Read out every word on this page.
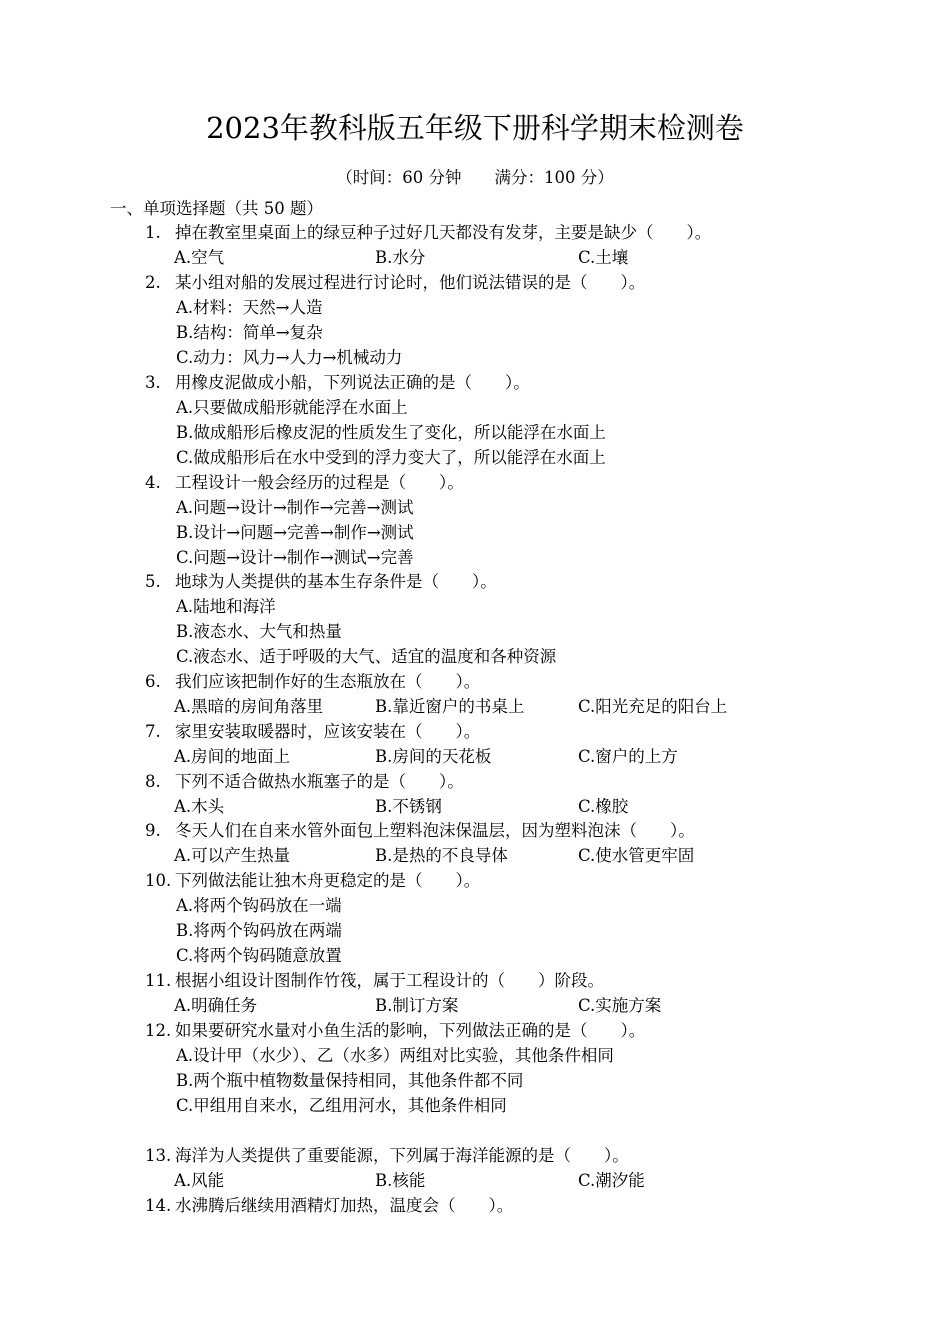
2023年教科版五年级下册科学期末检测卷
（时间：60 分钟　　满分：100 分）
一、单项选择题（共 50 题）
1. 掉在教室里桌面上的绿豆种子过好几天都没有发芽，主要是缺少（　　）。
A.空气	B.水分	C.土壤
2. 某小组对船的发展过程进行讨论时，他们说法错误的是（　　）。
A.材料：天然→人造
B.结构：简单→复杂
C.动力：风力→人力→机械动力
3. 用橡皮泥做成小船，下列说法正确的是（　　）。
A.只要做成船形就能浮在水面上
B.做成船形后橡皮泥的性质发生了变化，所以能浮在水面上
C.做成船形后在水中受到的浮力变大了，所以能浮在水面上
4. 工程设计一般会经历的过程是（　　）。
A.问题→设计→制作→完善→测试
B.设计→问题→完善→制作→测试
C.问题→设计→制作→测试→完善
5. 地球为人类提供的基本生存条件是（　　）。
A.陆地和海洋
B.液态水、大气和热量
C.液态水、适于呼吸的大气、适宜的温度和各种资源
6. 我们应该把制作好的生态瓶放在（　　）。
A.黑暗的房间角落里	B.靠近窗户的书桌上	C.阳光充足的阳台上
7. 家里安装取暖器时，应该安装在（　　）。
A.房间的地面上	B.房间的天花板	C.窗户的上方
8. 下列不适合做热水瓶塞子的是（　　）。
A.木头	B.不锈钢	C.橡胶
9. 冬天人们在自来水管外面包上塑料泡沫保温层，因为塑料泡沫（　　）。
A.可以产生热量	B.是热的不良导体	C.使水管更牢固
10. 下列做法能让独木舟更稳定的是（　　）。
A.将两个钩码放在一端
B.将两个钩码放在两端
C.将两个钩码随意放置
11. 根据小组设计图制作竹筏，属于工程设计的（　　）阶段。
A.明确任务	B.制订方案	C.实施方案
12. 如果要研究水量对小鱼生活的影响，下列做法正确的是（　　）。
A.设计甲（水少）、乙（水多）两组对比实验，其他条件相同
B.两个瓶中植物数量保持相同，其他条件都不同
C.甲组用自来水，乙组用河水，其他条件相同
13. 海洋为人类提供了重要能源，下列属于海洋能源的是（　　）。
A.风能	B.核能	C.潮汐能
14. 水沸腾后继续用酒精灯加热，温度会（　　）。
